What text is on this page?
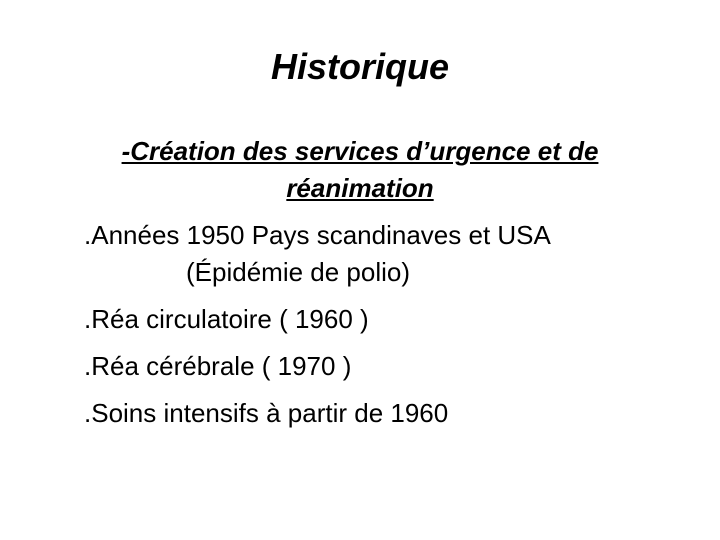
Historique
-Création des services d’urgence et de
réanimation
.Années 1950 Pays scandinaves et USA
(Épidémie de polio)
.Réa circulatoire ( 1960 )
.Réa cérébrale ( 1970 )
.Soins intensifs à partir de 1960
